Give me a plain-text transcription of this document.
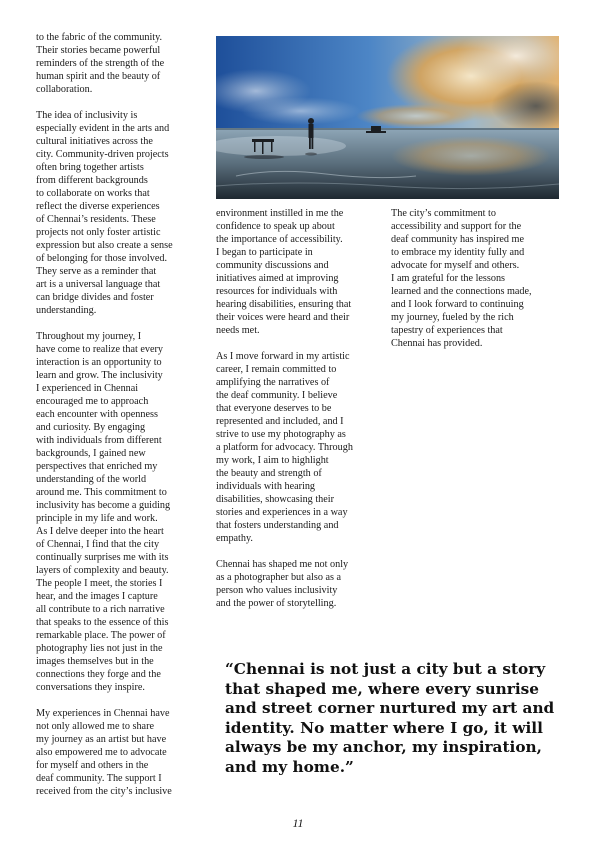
to the fabric of the community.
Their stories became powerful
reminders of the strength of the
human spirit and the beauty of
collaboration.

The idea of inclusivity is
especially evident in the arts and
cultural initiatives across the
city. Community-driven projects
often bring together artists
from different backgrounds
to collaborate on works that
reflect the diverse experiences
of Chennai’s residents. These
projects not only foster artistic
expression but also create a sense
of belonging for those involved.
They serve as a reminder that
art is a universal language that
can bridge divides and foster
understanding.

Throughout my journey, I
have come to realize that every
interaction is an opportunity to
learn and grow. The inclusivity
I experienced in Chennai
encouraged me to approach
each encounter with openness
and curiosity. By engaging
with individuals from different
backgrounds, I gained new
perspectives that enriched my
understanding of the world
around me. This commitment to
inclusivity has become a guiding
principle in my life and work.
As I delve deeper into the heart
of Chennai, I find that the city
continually surprises me with its
layers of complexity and beauty.
The people I meet, the stories I
hear, and the images I capture
all contribute to a rich narrative
that speaks to the essence of this
remarkable place. The power of
photography lies not just in the
images themselves but in the
connections they forge and the
conversations they inspire.

My experiences in Chennai have
not only allowed me to share
my journey as an artist but have
also empowered me to advocate
for myself and others in the
deaf community. The support I
received from the city’s inclusive

environment instilled in me the
confidence to speak up about
the importance of accessibility.
I began to participate in
community discussions and
initiatives aimed at improving
resources for individuals with
hearing disabilities, ensuring that
their voices were heard and their
needs met.

As I move forward in my artistic
career, I remain committed to
amplifying the narratives of
the deaf community. I believe
that everyone deserves to be
represented and included, and I
strive to use my photography as
a platform for advocacy. Through
my work, I aim to highlight
the beauty and strength of
individuals with hearing
disabilities, showcasing their
stories and experiences in a way
that fosters understanding and
empathy.

Chennai has shaped me not only
as a photographer but also as a
person who values inclusivity
and the power of storytelling.

The city’s commitment to
accessibility and support for the
deaf community has inspired me
to embrace my identity fully and
advocate for myself and others.
I am grateful for the lessons
learned and the connections made,
and I look forward to continuing
my journey, fueled by the rich
tapestry of experiences that
Chennai has provided.

“Chennai is not just a city but a story that shaped me, where every sunrise and street corner nurtured my art and identity. No matter where I go, it will always be my anchor, my inspiration, and my home.”
11
